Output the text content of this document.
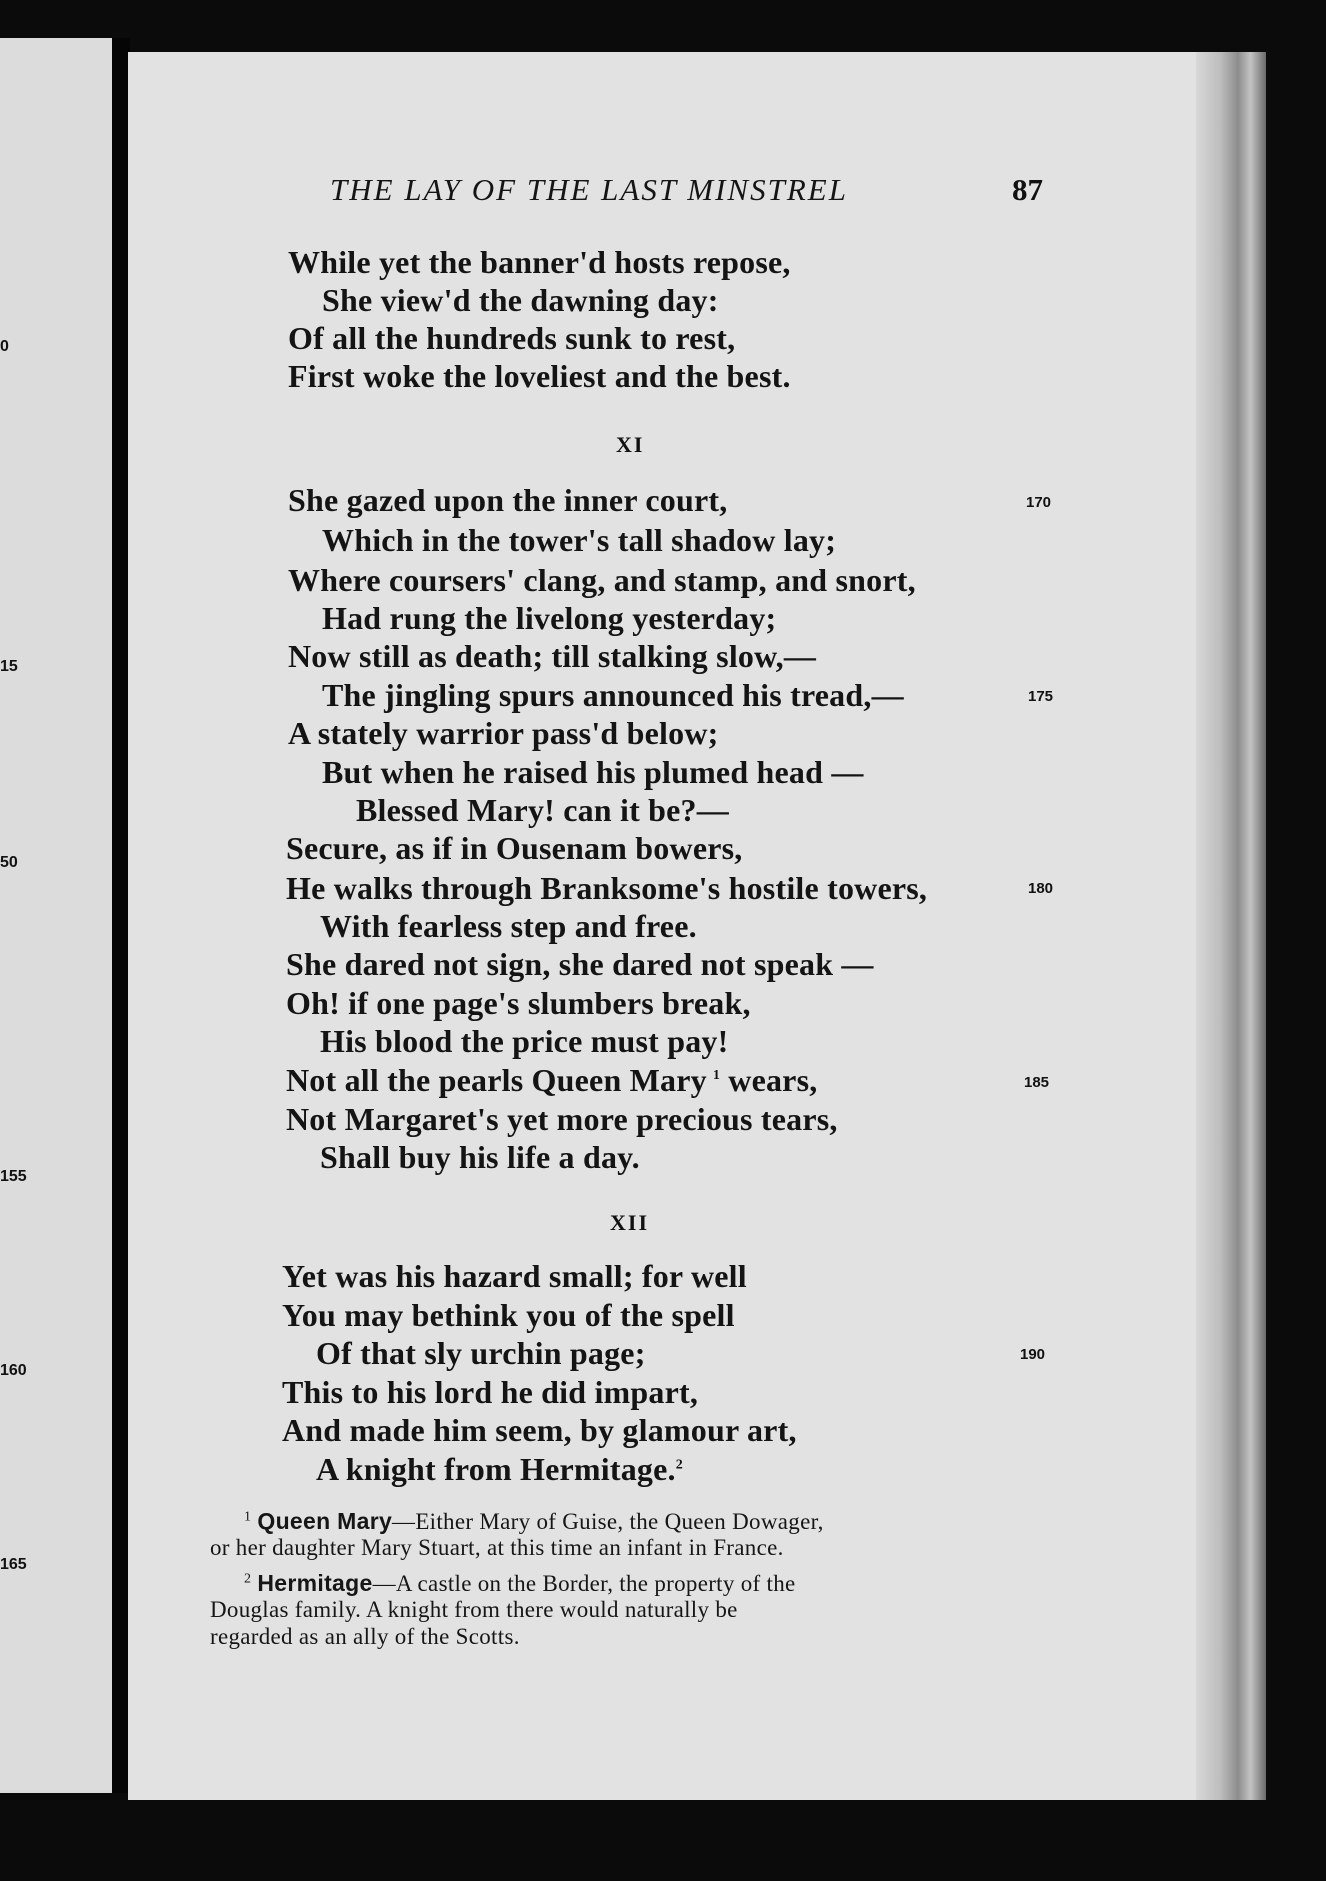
0
15
50
155
160
165
THE LAY OF THE LAST MINSTREL	87
While yet the banner'd hosts repose,
She view'd the dawning day:
Of all the hundreds sunk to rest,
First woke the loveliest and the best.
XI
She gazed upon the inner court,
Which in the tower's tall shadow lay;
Where coursers' clang, and stamp, and snort,
Had rung the livelong yesterday;
Now still as death; till stalking slow,—
The jingling spurs announced his tread,—
A stately warrior pass'd below;
But when he raised his plumed head —
Blessed Mary! can it be?—
Secure, as if in Ousenam bowers,
He walks through Branksome's hostile towers,
With fearless step and free.
She dared not sign, she dared not speak —
Oh! if one page's slumbers break,
His blood the price must pay!
Not all the pearls Queen Mary $^1$ wears,
Not Margaret's yet more precious tears,
Shall buy his life a day.
XII
Yet was his hazard small; for well
You may bethink you of the spell
Of that sly urchin page;
This to his lord he did impart,
And made him seem, by glamour art,
A knight from Hermitage.$^2$
170
175
180
185
190
$^1$ Queen Mary—Either Mary of Guise, the Queen Dowager,
or her daughter Mary Stuart, at this time an infant in France.
$^2$ Hermitage—A castle on the Border, the property of the
Douglas family. A knight from there would naturally be
regarded as an ally of the Scotts.
